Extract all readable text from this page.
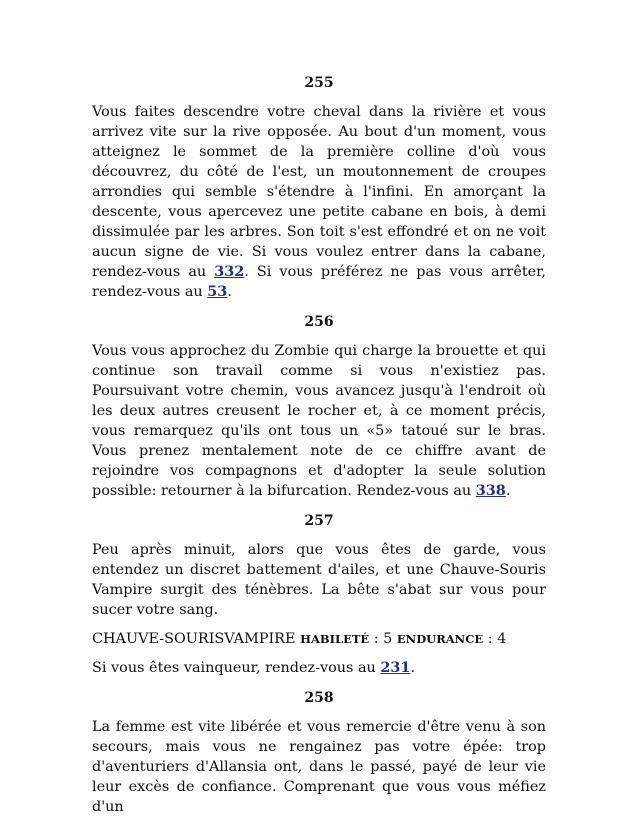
255

Vous faites descendre votre cheval dans la rivière et vous arrivez vite sur la rive opposée. Au bout d'un moment, vous atteignez le sommet de la première colline d'où vous découvrez, du côté de l'est, un moutonnement de croupes arrondies qui semble s'étendre à l'infini. En amorçant la descente, vous apercevez une petite cabane en bois, à demi dissimulée par les arbres. Son toit s'est effondré et on ne voit aucun signe de vie. Si vous voulez entrer dans la cabane, rendez-vous au 332. Si vous préférez ne pas vous arrêter, rendez-vous au 53.

256

Vous vous approchez du Zombie qui charge la brouette et qui continue son travail comme si vous n'existiez pas. Poursuivant votre chemin, vous avancez jusqu'à l'endroit où les deux autres creusent le rocher et, à ce moment précis, vous remarquez qu'ils ont tous un «5» tatoué sur le bras. Vous prenez mentalement note de ce chiffre avant de rejoindre vos compagnons et d'adopter la seule solution possible: retourner à la bifurcation. Rendez-vous au 338.

257

Peu après minuit, alors que vous êtes de garde, vous entendez un discret battement d'ailes, et une Chauve-Souris Vampire surgit des ténèbres. La bête s'abat sur vous pour sucer votre sang.

CHAUVE-SOURISVAMPIRE HABILETÉ : 5 ENDURANCE : 4

Si vous êtes vainqueur, rendez-vous au 231.

258

La femme est vite libérée et vous remercie d'être venu à son secours, mais vous ne rengainez pas votre épée: trop d'aventuriers d'Allansia ont, dans le passé, payé de leur vie leur excès de confiance. Comprenant que vous vous méfiez d'un
